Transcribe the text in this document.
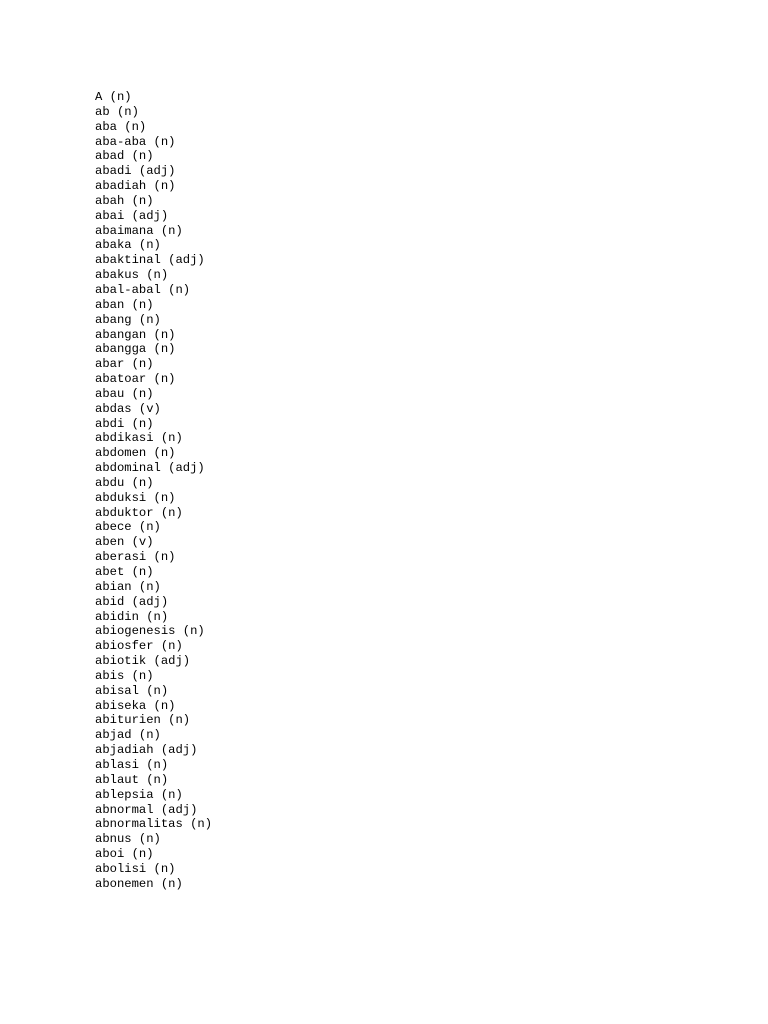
A (n)
ab (n)
aba (n)
aba-aba (n)
abad (n)
abadi (adj)
abadiah (n)
abah (n)
abai (adj)
abaimana (n)
abaka (n)
abaktinal (adj)
abakus (n)
abal-abal (n)
aban (n)
abang (n)
abangan (n)
abangga (n)
abar (n)
abatoar (n)
abau (n)
abdas (v)
abdi (n)
abdikasi (n)
abdomen (n)
abdominal (adj)
abdu (n)
abduksi (n)
abduktor (n)
abece (n)
aben (v)
aberasi (n)
abet (n)
abian (n)
abid (adj)
abidin (n)
abiogenesis (n)
abiosfer (n)
abiotik (adj)
abis (n)
abisal (n)
abiseka (n)
abiturien (n)
abjad (n)
abjadiah (adj)
ablasi (n)
ablaut (n)
ablepsia (n)
abnormal (adj)
abnormalitas (n)
abnus (n)
aboi (n)
abolisi (n)
abonemen (n)
